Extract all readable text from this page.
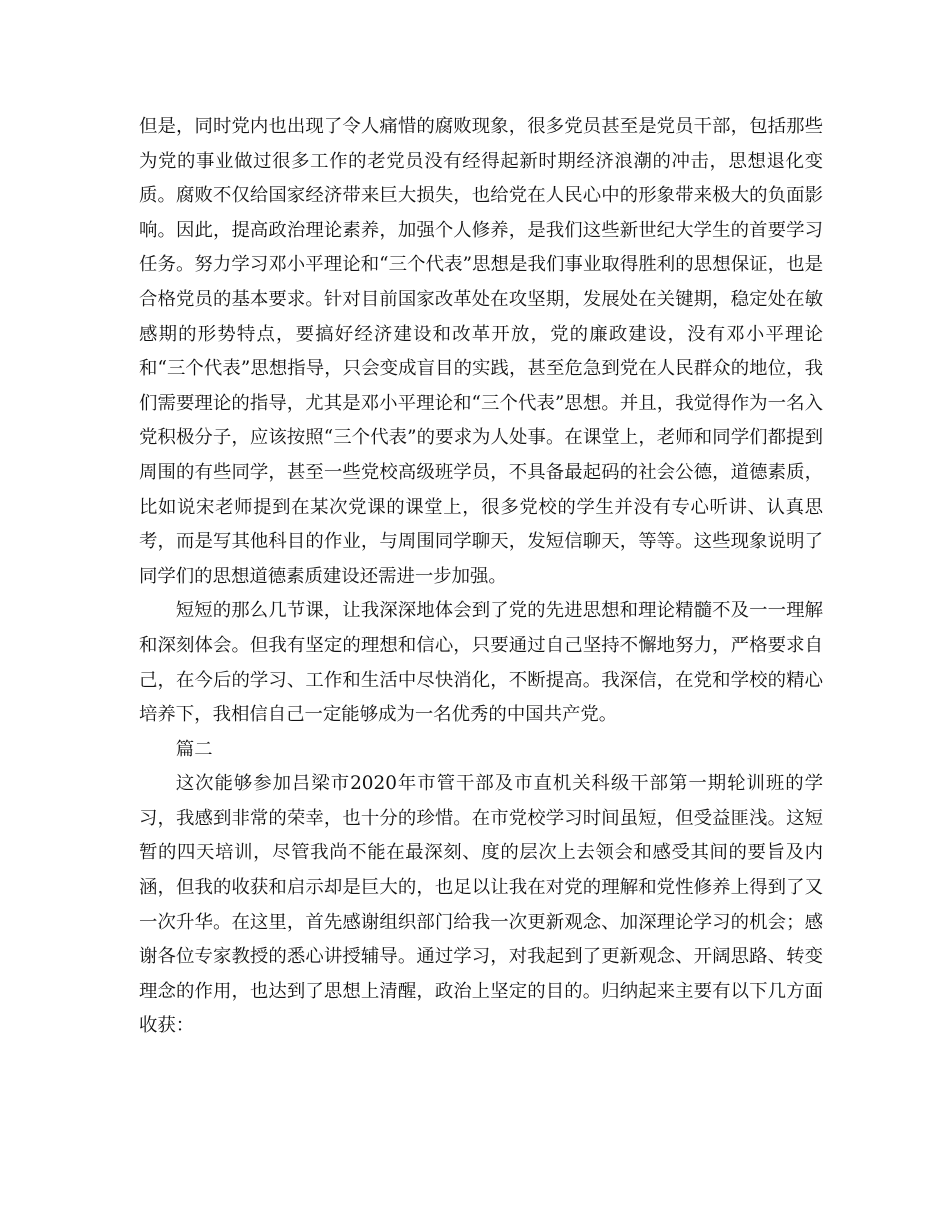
但是，同时党内也出现了令人痛惜的腐败现象，很多党员甚至是党员干部，包括那些为党的事业做过很多工作的老党员没有经得起新时期经济浪潮的冲击，思想退化变质。腐败不仅给国家经济带来巨大损失，也给党在人民心中的形象带来极大的负面影响。因此，提高政治理论素养，加强个人修养，是我们这些新世纪大学生的首要学习任务。努力学习邓小平理论和“三个代表”思想是我们事业取得胜利的思想保证，也是合格党员的基本要求。针对目前国家改革处在攻坚期，发展处在关键期，稳定处在敏感期的形势特点，要搞好经济建设和改革开放，党的廉政建设，没有邓小平理论和“三个代表”思想指导，只会变成盲目的实践，甚至危急到党在人民群众的地位，我们需要理论的指导，尤其是邓小平理论和“三个代表”思想。并且，我觉得作为一名入党积极分子，应该按照“三个代表”的要求为人处事。在课堂上，老师和同学们都提到周围的有些同学，甚至一些党校高级班学员，不具备最起码的社会公德，道德素质，比如说宋老师提到在某次党课的课堂上，很多党校的学生并没有专心听讲、认真思考，而是写其他科目的作业，与周围同学聊天，发短信聊天，等等。这些现象说明了同学们的思想道德素质建设还需进一步加强。

短短的那么几节课，让我深深地体会到了党的先进思想和理论精髓不及一一理解和深刻体会。但我有坚定的理想和信心，只要通过自己坚持不懈地努力，严格要求自己，在今后的学习、工作和生活中尽快消化，不断提高。我深信，在党和学校的精心培养下，我相信自己一定能够成为一名优秀的中国共产党。

篇二

这次能够参加吕梁市2020年市管干部及市直机关科级干部第一期轮训班的学习，我感到非常的荣幸，也十分的珍惜。在市党校学习时间虽短，但受益匪浅。这短暂的四天培训，尽管我尚不能在最深刻、度的层次上去领会和感受其间的要旨及内涵，但我的收获和启示却是巨大的，也足以让我在对党的理解和党性修养上得到了又一次升华。在这里，首先感谢组织部门给我一次更新观念、加深理论学习的机会；感谢各位专家教授的悉心讲授辅导。通过学习，对我起到了更新观念、开阔思路、转变理念的作用，也达到了思想上清醒，政治上坚定的目的。归纳起来主要有以下几方面收获：
